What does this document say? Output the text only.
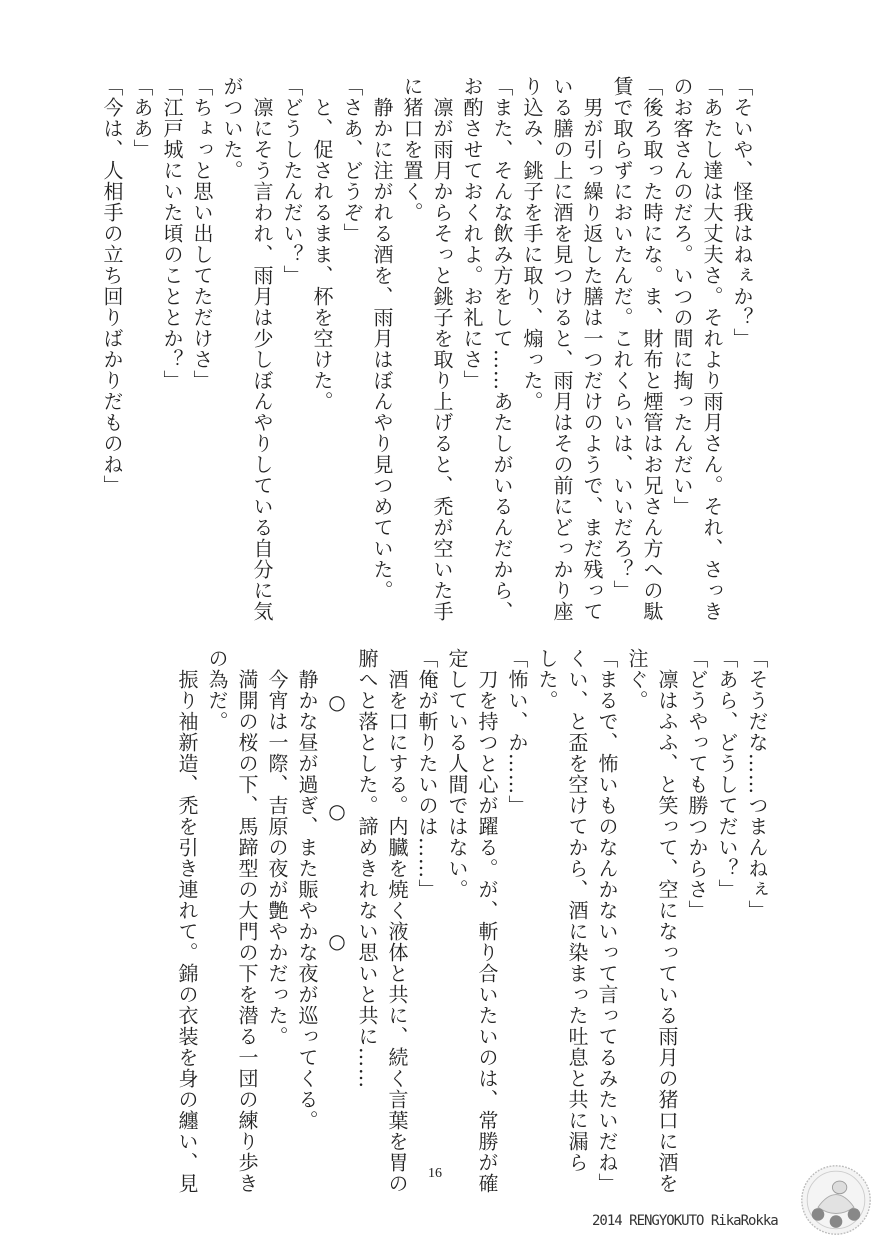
「そいや、怪我はねぇか？」
「あたし達は大丈夫さ。それより雨月さん。それ、さっき
のお客さんのだろ。いつの間に掏ったんだい」
「後ろ取った時にな。ま、財布と煙管はお兄さん方への駄
賃で取らずにおいたんだ。これくらいは、いいだろ？」
　男が引っ繰り返した膳は一つだけのようで、まだ残って
いる膳の上に酒を見つけると、雨月はその前にどっかり座
り込み、銚子を手に取り、煽った。
「また、そんな飲み方をして……あたしがいるんだから、
お酌させておくれよ。お礼にさ」
　凛が雨月からそっと銚子を取り上げると、禿が空いた手
に猪口を置く。
　静かに注がれる酒を、雨月はぼんやり見つめていた。
「さあ、どうぞ」
　と、促されるまま、杯を空けた。
「どうしたんだい？」
　凛にそう言われ、雨月は少しぼんやりしている自分に気
がついた。
「ちょっと思い出してただけさ」
「江戸城にいた頃のこととか？」
「ああ」
「今は、人相手の立ち回りばかりだものね」
「そうだな……つまんねぇ」
「あら、どうしてだい？」
「どうやっても勝つからさ」
　凛はふふ、と笑って、空になっている雨月の猪口に酒を
注ぐ。
「まるで、怖いものなんかないって言ってるみたいだね」
くい、と盃を空けてから、酒に染まった吐息と共に漏ら
した。
「怖い、か……」
　刀を持つと心が躍る。が、斬り合いたいのは、常勝が確
定している人間ではない。
「俺が斬りたいのは……」
　酒を口にする。内臓を焼く液体と共に、続く言葉を胃の
腑へと落とした。諦めきれない思いと共に……
　　○　　　　○　　　　　○
　静かな昼が過ぎ、また賑やかな夜が巡ってくる。
　今宵は一際、吉原の夜が艶やかだった。
　満開の桜の下、馬蹄型の大門の下を潜る一団の練り歩き
の為だ。
　振り袖新造、禿を引き連れて。錦の衣装を身の纏い、見	16
2014 RENGYOKUTO RikaRokka
